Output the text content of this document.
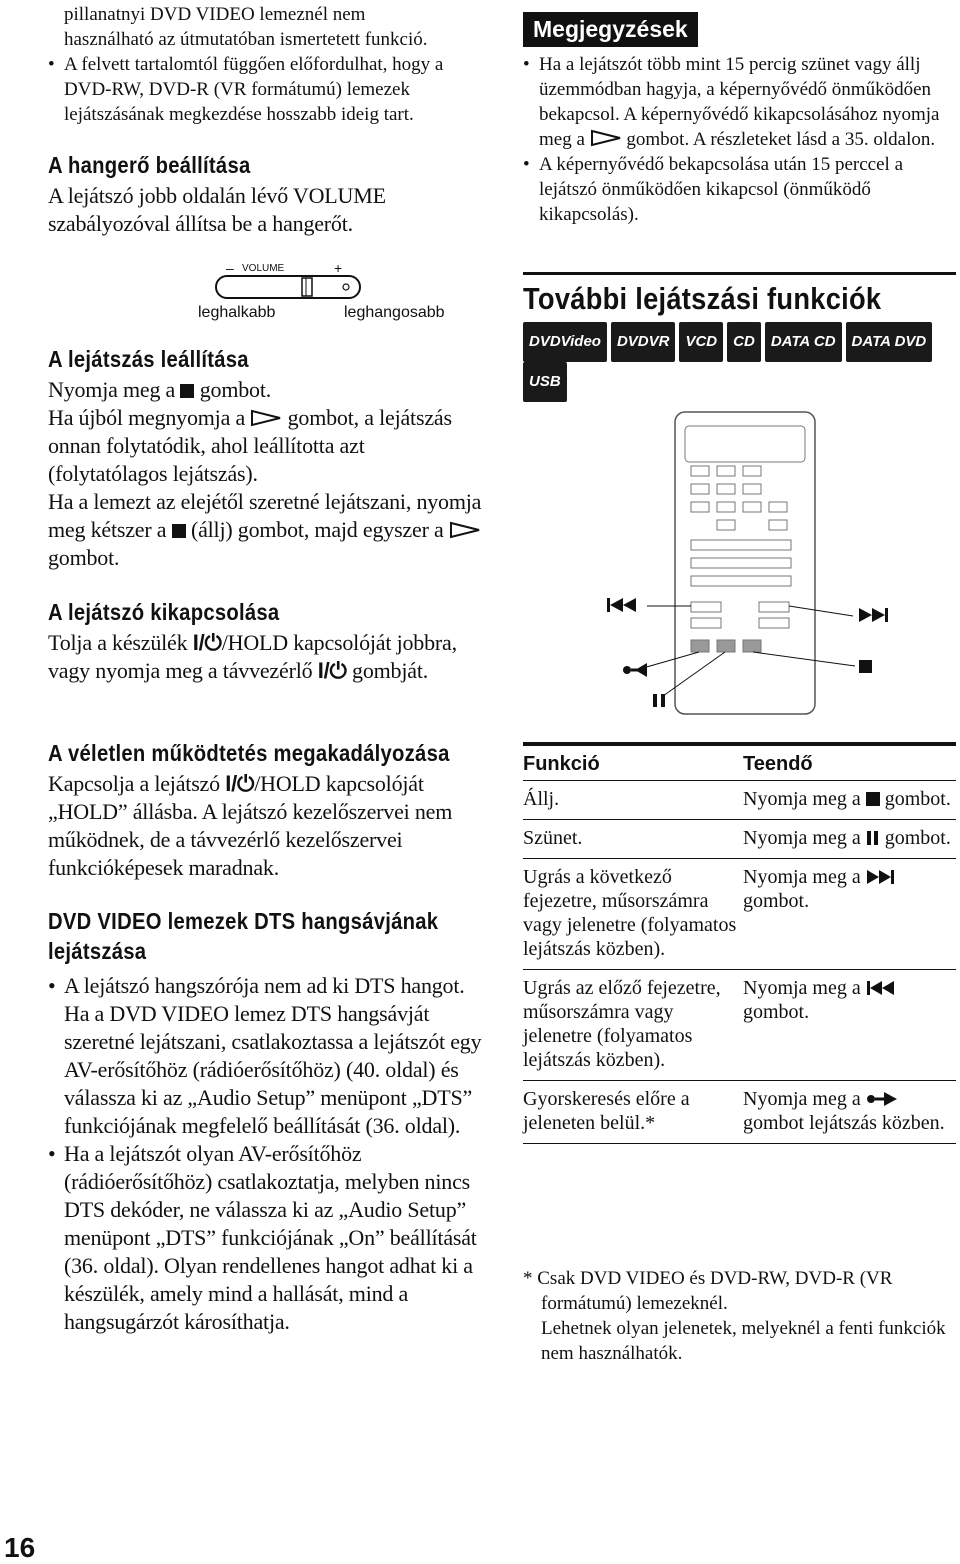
pillanatnyi DVD VIDEO lemeznél nem

használható az útmutatóban ismertetett funkció.

• A felvett tartalomtól függően előfordulhat, hogy a DVD-RW, DVD-R (VR formátumú) lemezek lejátszásának megkezdése hosszabb ideig tart.

A hangerő beállítása

A lejátszó jobb oldalán lévő VOLUME szabályozóval állítsa be a hangerőt.

– VOLUME	+
leghalkabb	leghangosabb
A lejátszás leállítása

Nyomja meg a  gombot.

Ha újból megnyomja a  gombot, a lejátszás onnan folytatódik, ahol leállította azt (folytatólagos lejátszás).

Ha a lemezt az elejétől szeretné lejátszani, nyomja meg kétszer a  (állj) gombot, majd egyszer a  gombot.

A lejátszó kikapcsolása

Tolja a készülék I/⏻/HOLD kapcsolóját jobbra, vagy nyomja meg a távvezérlő I/⏻ gombját.

A véletlen működtetés megakadályozása

Kapcsolja a lejátszó I/⏻/HOLD kapcsolóját „HOLD” állásba. A lejátszó kezelőszervei nem működnek, de a távvezérlő kezelőszervei funkcióképesek maradnak.

DVD VIDEO lemezek DTS hangsávjának
lejátszása

• A lejátszó hangszórója nem ad ki DTS hangot. Ha a DVD VIDEO lemez DTS hangsávját szeretné lejátszani, csatlakoztassa a lejátszót egy AV-erősítőhöz (rádióerősítőhöz) (40. oldal) és válassza ki az „Audio Setup” menüpont „DTS” funkciójának megfelelő beállítását (36. oldal).

• Ha a lejátszót olyan AV-erősítőhöz (rádióerősítőhöz) csatlakoztatja, melyben nincs DTS dekóder, ne válassza ki az „Audio Setup” menüpont „DTS” funkciójának „On” beállítását (36. oldal). Olyan rendellenes hangot adhat ki a készülék, amely mind a hallását, mind a hangsugárzót károsíthatja.

Megjegyzések

• Ha a lejátszót több mint 15 percig szünet vagy állj üzemmódban hagyja, a képernyővédő önműködően bekapcsol. A képernyővédő kikapcsolásához nyomja meg a  gombot. A részleteket lásd a 35. oldalon.

• A képernyővédő bekapcsolása után 15 perccel a lejátszó önműködően kikapcsol (önműködő kikapcsolás).

További lejátszási funkciók
DVDVideo DVDVR VCD CD DATA CD DATA DVD
USB
Funkció	Teendő
Állj.	Nyomja meg a  gombot.
Szünet.	Nyomja meg a  gombot.
Ugrás a következő fejezetre, műsorszámra vagy jelenetre (folyamatos lejátszás közben).	Nyomja meg a  gombot.
Ugrás az előző fejezetre, műsorszámra vagy jelenetre (folyamatos lejátszás közben).	Nyomja meg a  gombot.
Gyorskeresés előre a jeleneten belül.*	Nyomja meg a  gombot lejátszás közben.

* Csak DVD VIDEO és DVD-RW, DVD-R (VR formátumú) lemezeknél.

Lehetnek olyan jelenetek, melyeknél a fenti funkciók nem használhatók.

16
